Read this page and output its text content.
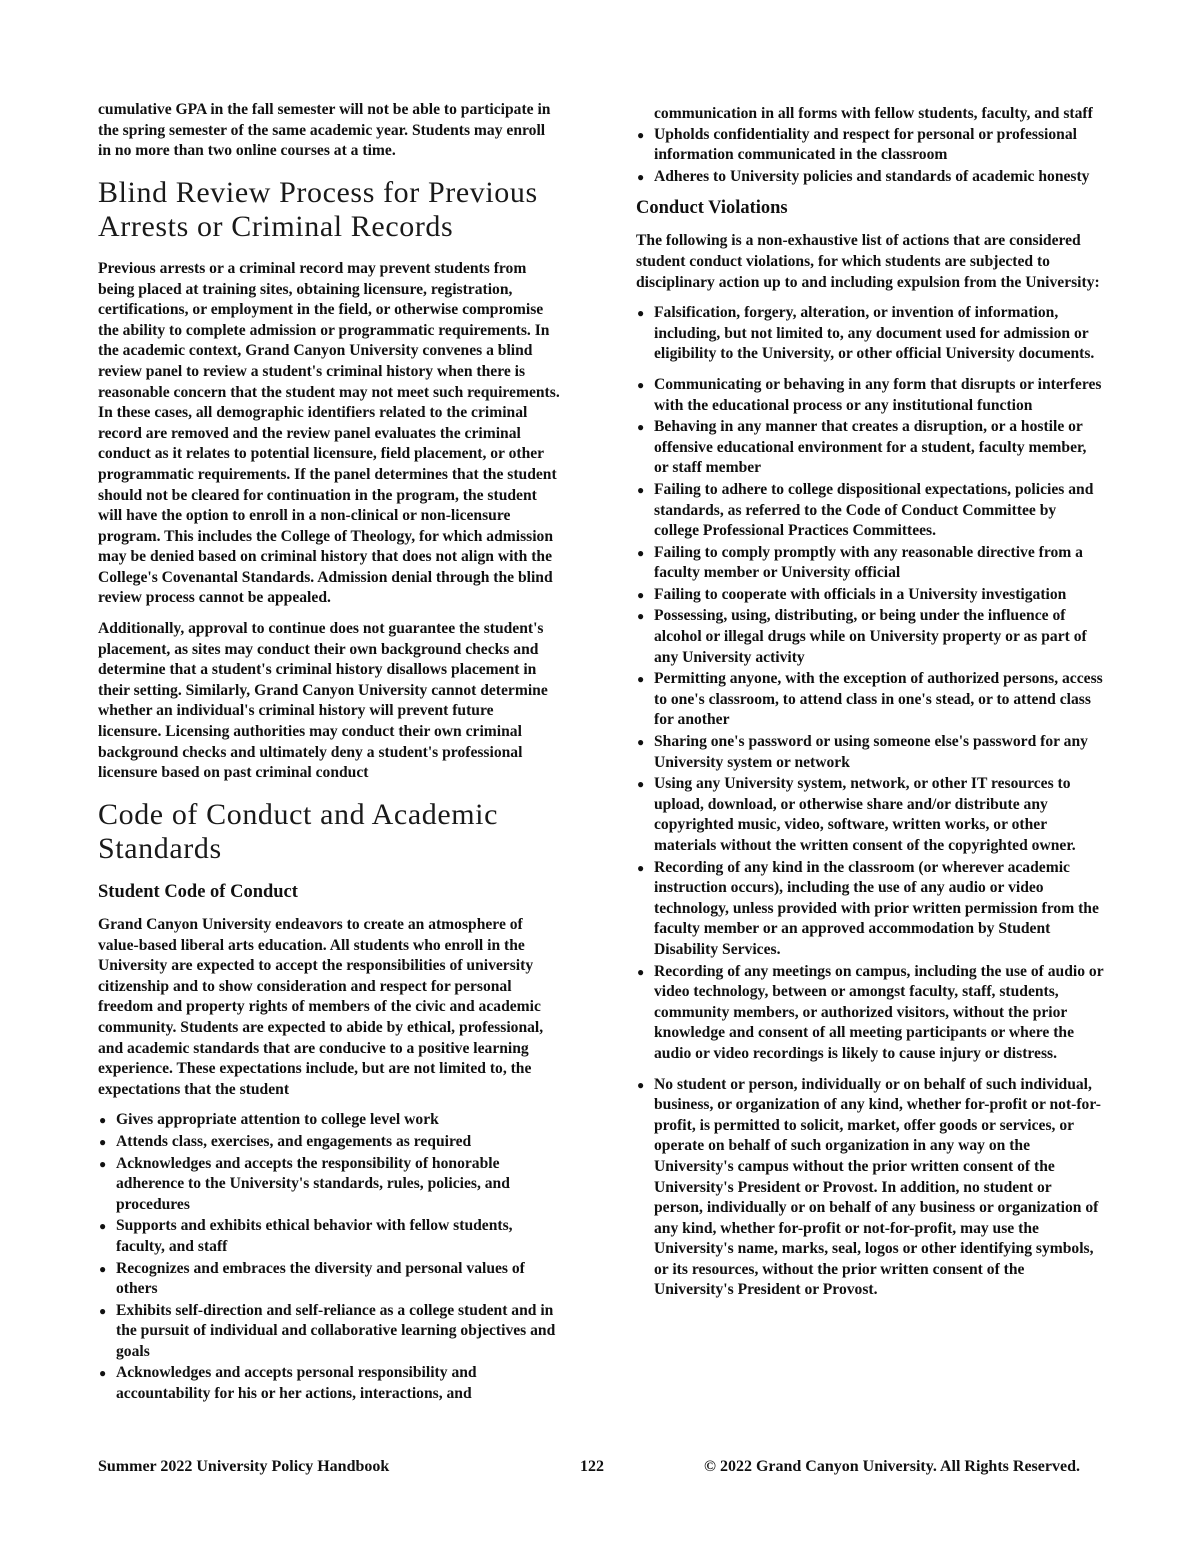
cumulative GPA in the fall semester will not be able to participate in the spring semester of the same academic year. Students may enroll in no more than two online courses at a time.

Blind Review Process for Previous Arrests or Criminal Records

Previous arrests or a criminal record may prevent students from being placed at training sites, obtaining licensure, registration, certifications, or employment in the field, or otherwise compromise the ability to complete admission or programmatic requirements. In the academic context, Grand Canyon University convenes a blind review panel to review a student's criminal history when there is reasonable concern that the student may not meet such requirements. In these cases, all demographic identifiers related to the criminal record are removed and the review panel evaluates the criminal conduct as it relates to potential licensure, field placement, or other programmatic requirements. If the panel determines that the student should not be cleared for continuation in the program, the student will have the option to enroll in a non-clinical or non-licensure program. This includes the College of Theology, for which admission may be denied based on criminal history that does not align with the College's Covenantal Standards. Admission denial through the blind review process cannot be appealed.

Additionally, approval to continue does not guarantee the student's placement, as sites may conduct their own background checks and determine that a student's criminal history disallows placement in their setting. Similarly, Grand Canyon University cannot determine whether an individual's criminal history will prevent future licensure. Licensing authorities may conduct their own criminal background checks and ultimately deny a student's professional licensure based on past criminal conduct

Code of Conduct and Academic Standards
Student Code of Conduct

Grand Canyon University endeavors to create an atmosphere of value-based liberal arts education. All students who enroll in the University are expected to accept the responsibilities of university citizenship and to show consideration and respect for personal freedom and property rights of members of the civic and academic community. Students are expected to abide by ethical, professional, and academic standards that are conducive to a positive learning experience. These expectations include, but are not limited to, the expectations that the student

● Gives appropriate attention to college level work
● Attends class, exercises, and engagements as required
● Acknowledges and accepts the responsibility of honorable adherence to the University's standards, rules, policies, and procedures
● Supports and exhibits ethical behavior with fellow students, faculty, and staff
● Recognizes and embraces the diversity and personal values of others
● Exhibits self-direction and self-reliance as a college student and in the pursuit of individual and collaborative learning objectives and goals
● Acknowledges and accepts personal responsibility and accountability for his or her actions, interactions, and

communication in all forms with fellow students, faculty, and staff

● Upholds confidentiality and respect for personal or professional information communicated in the classroom
● Adheres to University policies and standards of academic honesty
Conduct Violations

The following is a non-exhaustive list of actions that are considered student conduct violations, for which students are subjected to disciplinary action up to and including expulsion from the University:

● Falsification, forgery, alteration, or invention of information, including, but not limited to, any document used for admission or eligibility to the University, or other official University documents.
● Communicating or behaving in any form that disrupts or interferes with the educational process or any institutional function
● Behaving in any manner that creates a disruption, or a hostile or offensive educational environment for a student, faculty member, or staff member
● Failing to adhere to college dispositional expectations, policies and standards, as referred to the Code of Conduct Committee by college Professional Practices Committees.
● Failing to comply promptly with any reasonable directive from a faculty member or University official
● Failing to cooperate with officials in a University investigation
● Possessing, using, distributing, or being under the influence of alcohol or illegal drugs while on University property or as part of any University activity
● Permitting anyone, with the exception of authorized persons, access to one's classroom, to attend class in one's stead, or to attend class for another
● Sharing one's password or using someone else's password for any University system or network
● Using any University system, network, or other IT resources to upload, download, or otherwise share and/or distribute any copyrighted music, video, software, written works, or other materials without the written consent of the copyrighted owner.
● Recording of any kind in the classroom (or wherever academic instruction occurs), including the use of any audio or video technology, unless provided with prior written permission from the faculty member or an approved accommodation by Student Disability Services.
● Recording of any meetings on campus, including the use of audio or video technology, between or amongst faculty, staff, students, community members, or authorized visitors, without the prior knowledge and consent of all meeting participants or where the audio or video recordings is likely to cause injury or distress.
● No student or person, individually or on behalf of such individual, business, or organization of any kind, whether for-profit or not-for-profit, is permitted to solicit, market, offer goods or services, or operate on behalf of such organization in any way on the University's campus without the prior written consent of the University's President or Provost. In addition, no student or person, individually or on behalf of any business or organization of any kind, whether for-profit or not-for-profit, may use the University's name, marks, seal, logos or other identifying symbols, or its resources, without the prior written consent of the University's President or Provost.
Summer 2022 University Policy Handbook	122	© 2022 Grand Canyon University. All Rights Reserved.
